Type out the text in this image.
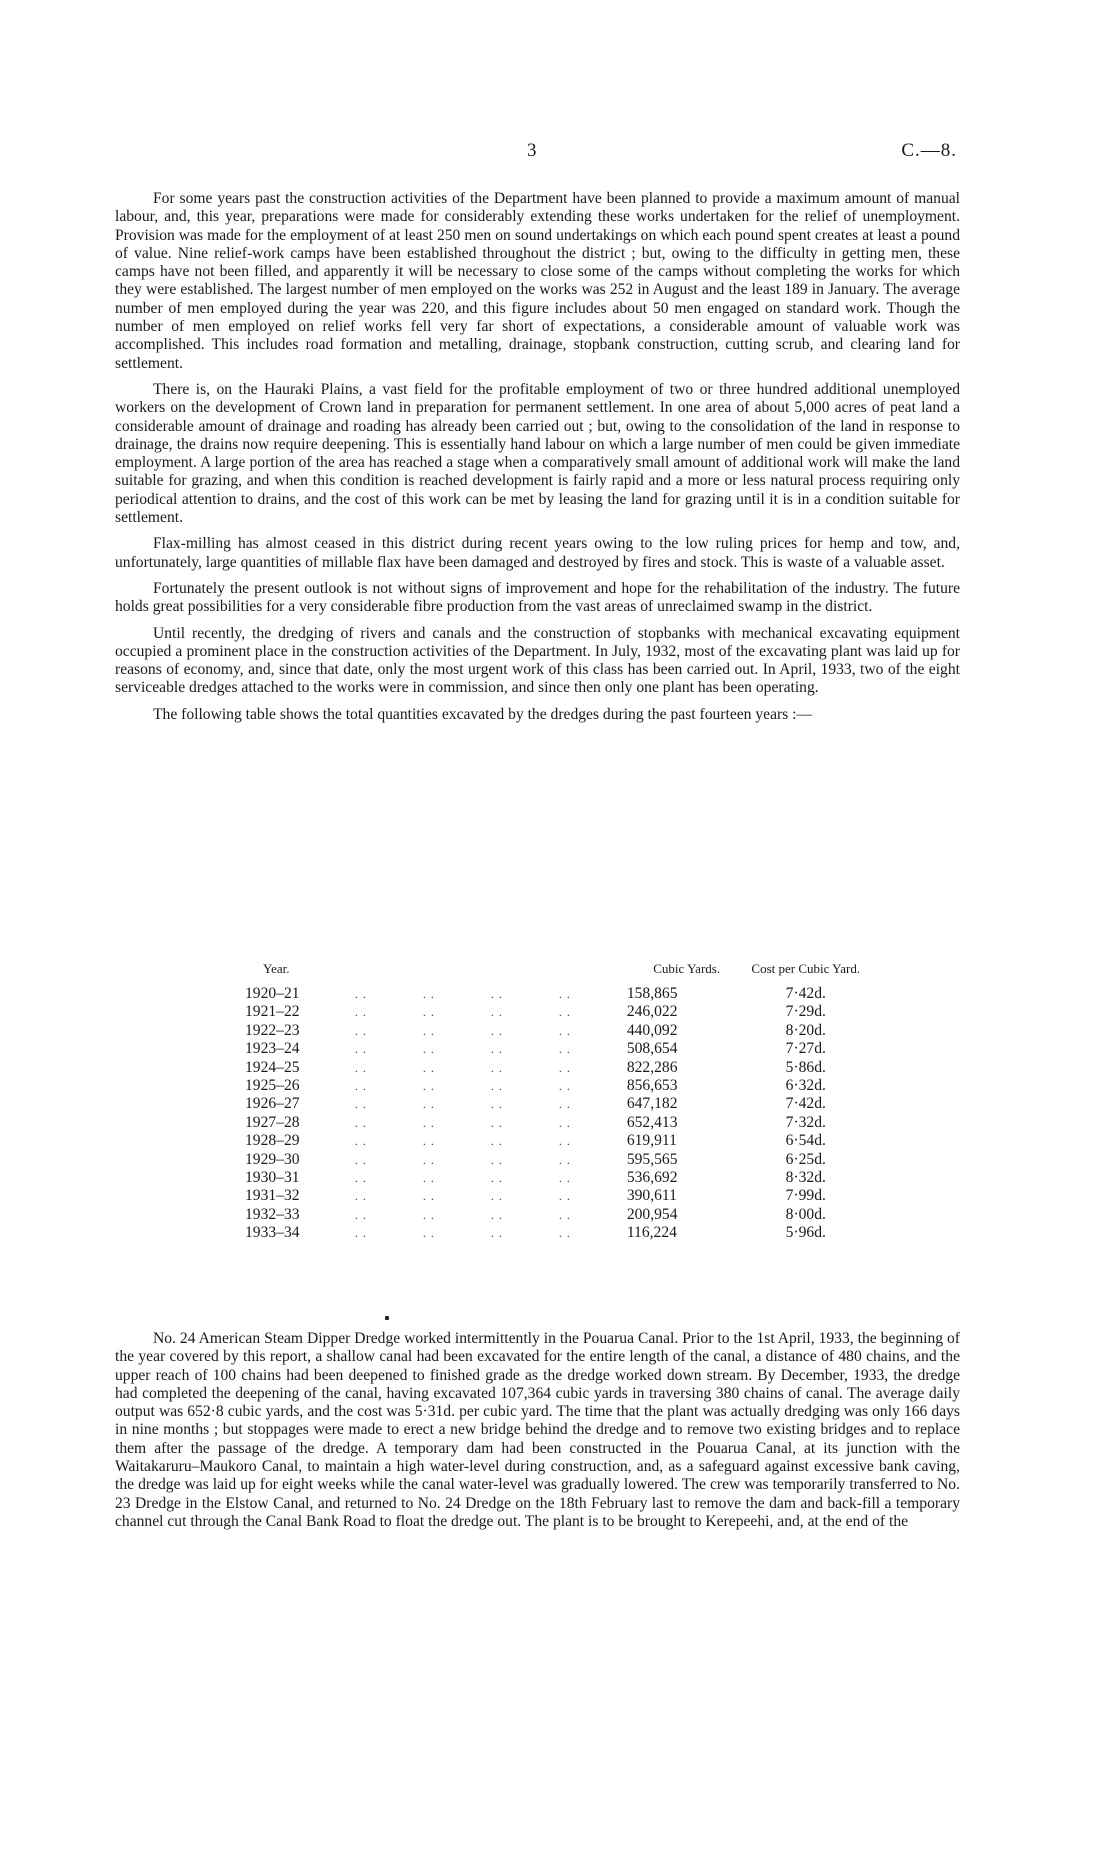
3	C.—8.

For some years past the construction activities of the Department have been planned to provide a maximum amount of manual labour, and, this year, preparations were made for considerably extending these works undertaken for the relief of unemployment. Provision was made for the employment of at least 250 men on sound undertakings on which each pound spent creates at least a pound of value. Nine relief-work camps have been established throughout the district ; but, owing to the difficulty in getting men, these camps have not been filled, and apparently it will be necessary to close some of the camps without completing the works for which they were established. The largest number of men employed on the works was 252 in August and the least 189 in January. The average number of men employed during the year was 220, and this figure includes about 50 men engaged on standard work. Though the number of men employed on relief works fell very far short of expectations, a considerable amount of valuable work was accomplished. This includes road formation and metalling, drainage, stopbank construction, cutting scrub, and clearing land for settlement.

There is, on the Hauraki Plains, a vast field for the profitable employment of two or three hundred additional unemployed workers on the development of Crown land in preparation for permanent settlement. In one area of about 5,000 acres of peat land a considerable amount of drainage and roading has already been carried out ; but, owing to the consolidation of the land in response to drainage, the drains now require deepening. This is essentially hand labour on which a large number of men could be given immediate employment. A large portion of the area has reached a stage when a comparatively small amount of additional work will make the land suitable for grazing, and when this condition is reached development is fairly rapid and a more or less natural process requiring only periodical attention to drains, and the cost of this work can be met by leasing the land for grazing until it is in a condition suitable for settlement.

Flax-milling has almost ceased in this district during recent years owing to the low ruling prices for hemp and tow, and, unfortunately, large quantities of millable flax have been damaged and destroyed by fires and stock. This is waste of a valuable asset.

Fortunately the present outlook is not without signs of improvement and hope for the rehabilitation of the industry. The future holds great possibilities for a very considerable fibre production from the vast areas of unreclaimed swamp in the district.

Until recently, the dredging of rivers and canals and the construction of stopbanks with mechanical excavating equipment occupied a prominent place in the construction activities of the Department. In July, 1932, most of the excavating plant was laid up for reasons of economy, and, since that date, only the most urgent work of this class has been carried out. In April, 1933, two of the eight serviceable dredges attached to the works were in commission, and since then only one plant has been operating.

The following table shows the total quantities excavated by the dredges during the past fourteen years :—

Year.		Cubic Yards.	Cost per Cubic Yard.
1920–21	. . . . . . . .	158,865	7·42d.
1921–22	. . . . . . . .	246,022	7·29d.
1922–23	. . . . . . . .	440,092	8·20d.
1923–24	. . . . . . . .	508,654	7·27d.
1924–25	. . . . . . . .	822,286	5·86d.
1925–26	. . . . . . . .	856,653	6·32d.
1926–27	. . . . . . . .	647,182	7·42d.
1927–28	. . . . . . . .	652,413	7·32d.
1928–29	. . . . . . . .	619,911	6·54d.
1929–30	. . . . . . . .	595,565	6·25d.
1930–31	. . . . . . . .	536,692	8·32d.
1931–32	. . . . . . . .	390,611	7·99d.
1932–33	. . . . . . . .	200,954	8·00d.
1933–34	. . . . . . . .	116,224	5·96d.

No. 24 American Steam Dipper Dredge worked intermittently in the Pouarua Canal. Prior to the 1st April, 1933, the beginning of the year covered by this report, a shallow canal had been excavated for the entire length of the canal, a distance of 480 chains, and the upper reach of 100 chains had been deepened to finished grade as the dredge worked down stream. By December, 1933, the dredge had completed the deepening of the canal, having excavated 107,364 cubic yards in traversing 380 chains of canal. The average daily output was 652·8 cubic yards, and the cost was 5·31d. per cubic yard. The time that the plant was actually dredging was only 166 days in nine months ; but stoppages were made to erect a new bridge behind the dredge and to remove two existing bridges and to replace them after the passage of the dredge. A temporary dam had been constructed in the Pouarua Canal, at its junction with the Waitakaruru–Maukoro Canal, to maintain a high water-level during construction, and, as a safeguard against excessive bank caving, the dredge was laid up for eight weeks while the canal water-level was gradually lowered. The crew was temporarily transferred to No. 23 Dredge in the Elstow Canal, and returned to No. 24 Dredge on the 18th February last to remove the dam and back-fill a temporary channel cut through the Canal Bank Road to float the dredge out. The plant is to be brought to Kerepeehi, and, at the end of the
